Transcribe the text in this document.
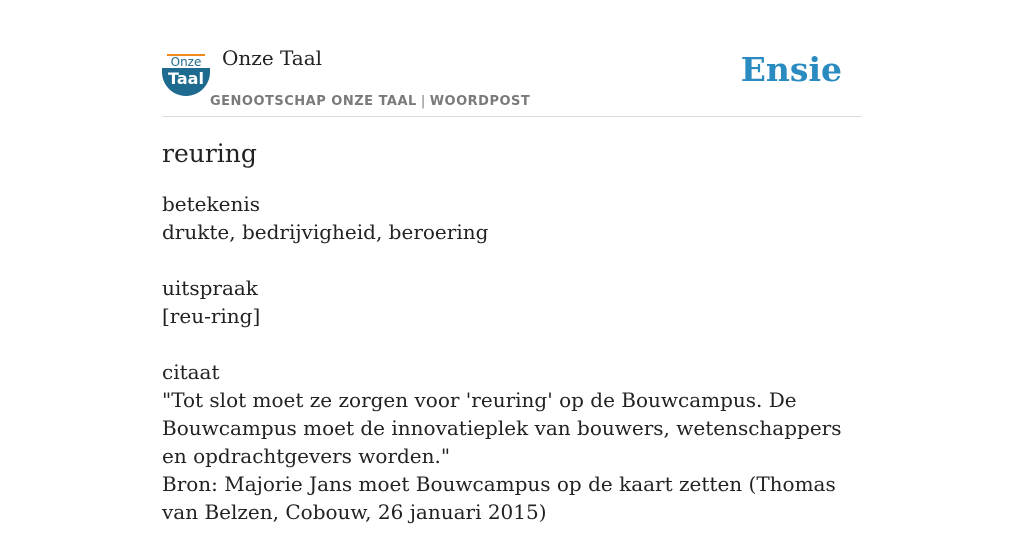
Onze
Taal
Onze Taal
GENOOTSCHAP ONZE TAAL | WOORDPOST
Ensie
reuring

betekenis

drukte, bedrijvigheid, beroering

uitspraak

[reu-ring]

citaat

"Tot slot moet ze zorgen voor 'reuring' op de Bouwcampus. De Bouwcampus moet de innovatieplek van bouwers, wetenschappers en opdrachtgevers worden."

Bron: Majorie Jans moet Bouwcampus op de kaart zetten (Thomas van Belzen, Cobouw, 26 januari 2015)
